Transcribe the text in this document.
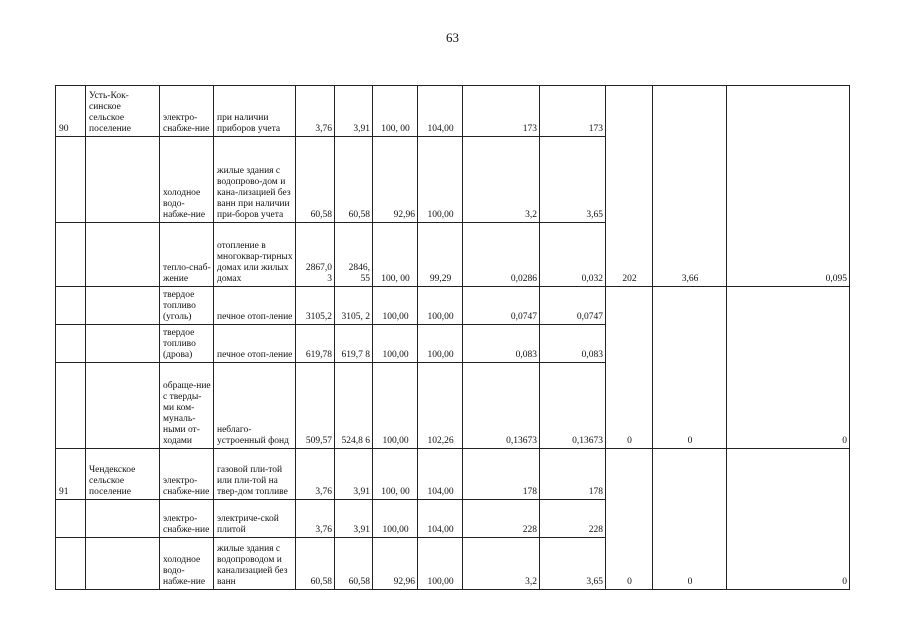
63
90	Усть-Кок-синское сельское поселение	электро-снабже-ние	при наличии приборов учета	3,76	3,91	100, 00	104,00	173	173	202	3,66	0,095
		холодное водо-набже-ние	жилые здания с водопрово-дом и кана-лизацией без ванн при наличии при-боров учета	60,58	60,58	92,96	100,00	3,2	3,65			
		тепло-снаб-жение	отопление в многоквар-тирных домах или жилых домах	2867,0 3	2846, 55	100, 00	99,29	0,0286	0,032			
		твердое топливо (уголь)	печное отоп-ление	3105,2	3105, 2	100,00	100,00	0,0747	0,0747	0	0	0
		твердое топливо (дрова)	печное отоп-ление	619,78	619,7 8	100,00	100,00	0,083	0,083			
		обраще-ние с тверды-ми ком-муналь-ными от-ходами	неблаго-устроенный фонд	509,57	524,8 6	100,00	102,26	0,13673	0,13673			
91	Чендекское сельское поселение	электро-снабже-ние	газовой пли-той или пли-той на твер-дом топливе	3,76	3,91	100, 00	104,00	178	178	0	0	0
		электро-снабже-ние	электриче-ской плитой	3,76	3,91	100,00	104,00	228	228			
		холодное водо-набже-ние	жилые здания с водопроводом и канализацией без ванн	60,58	60,58	92,96	100,00	3,2	3,65			
